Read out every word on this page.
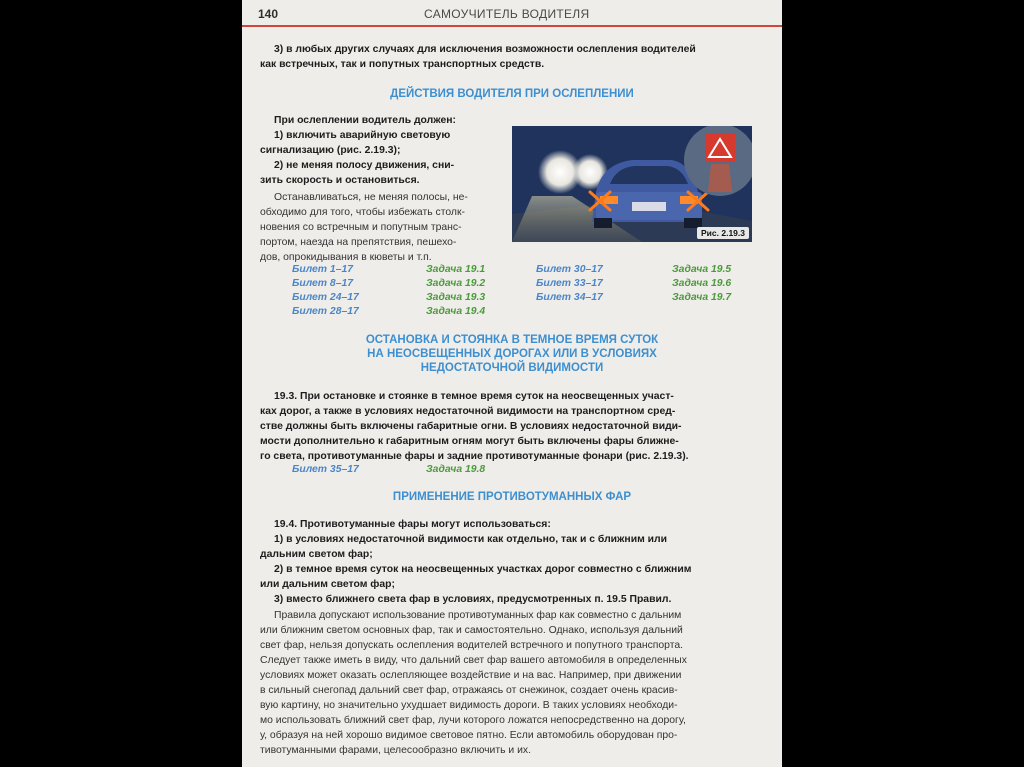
140	САМОУЧИТЕЛЬ ВОДИТЕЛЯ
3) в любых других случаях для исключения возможности ослепления водителей
как встречных, так и попутных транспортных средств.
ДЕЙСТВИЯ ВОДИТЕЛЯ ПРИ ОСЛЕПЛЕНИИ
При ослеплении водитель должен:
1) включить аварийную световую
сигнализацию (рис. 2.19.3);
2) не меняя полосу движения, сни-
зить скорость и остановиться.
Останавливаться, не меняя полосы, не-
обходимо для того, чтобы избежать столк-
новения со встречным и попутным транс-
портом, наезда на препятствия, пешехо-
дов, опрокидывания в кюветы и т.п.
Рис. 2.19.3
Билет 1–17	Задача 19.1
Билет 8–17	Задача 19.2
Билет 24–17	Задача 19.3
Билет 28–17	Задача 19.4
Билет 30–17	Задача 19.5
Билет 33–17	Задача 19.6
Билет 34–17	Задача 19.7
ОСТАНОВКА И СТОЯНКА В ТЕМНОЕ ВРЕМЯ СУТОК
НА НЕОСВЕЩЕННЫХ ДОРОГАХ ИЛИ В УСЛОВИЯХ
НЕДОСТАТОЧНОЙ ВИДИМОСТИ
19.3. При остановке и стоянке в темное время суток на неосвещенных участ-
ках дорог, а также в условиях недостаточной видимости на транспортном сред-
стве должны быть включены габаритные огни. В условиях недостаточной види-
мости дополнительно к габаритным огням могут быть включены фары ближне-
го света, противотуманные фары и задние противотуманные фонари (рис. 2.19.3).
Билет 35–17	Задача 19.8
ПРИМЕНЕНИЕ ПРОТИВОТУМАННЫХ ФАР
19.4. Противотуманные фары могут использоваться:
1) в условиях недостаточной видимости как отдельно, так и с ближним или
дальним светом фар;
2) в темное время суток на неосвещенных участках дорог совместно с ближним
или дальним светом фар;
3) вместо ближнего света фар в условиях, предусмотренных п. 19.5 Правил.
Правила допускают использование противотуманных фар как совместно с дальним
или ближним светом основных фар, так и самостоятельно. Однако, используя дальний
свет фар, нельзя допускать ослепления водителей встречного и попутного транспорта.
Следует также иметь в виду, что дальний свет фар вашего автомобиля в определенных
условиях может оказать ослепляющее воздействие и на вас. Например, при движении
в сильный снегопад дальний свет фар, отражаясь от снежинок, создает очень красив-
вую картину, но значительно ухудшает видимость дороги. В таких условиях необходи-
мо использовать ближний свет фар, лучи которого ложатся непосредственно на дорогу,
у, образуя на ней хорошо видимое световое пятно. Если автомобиль оборудован про-
тивотуманными фарами, целесообразно включить и их.
